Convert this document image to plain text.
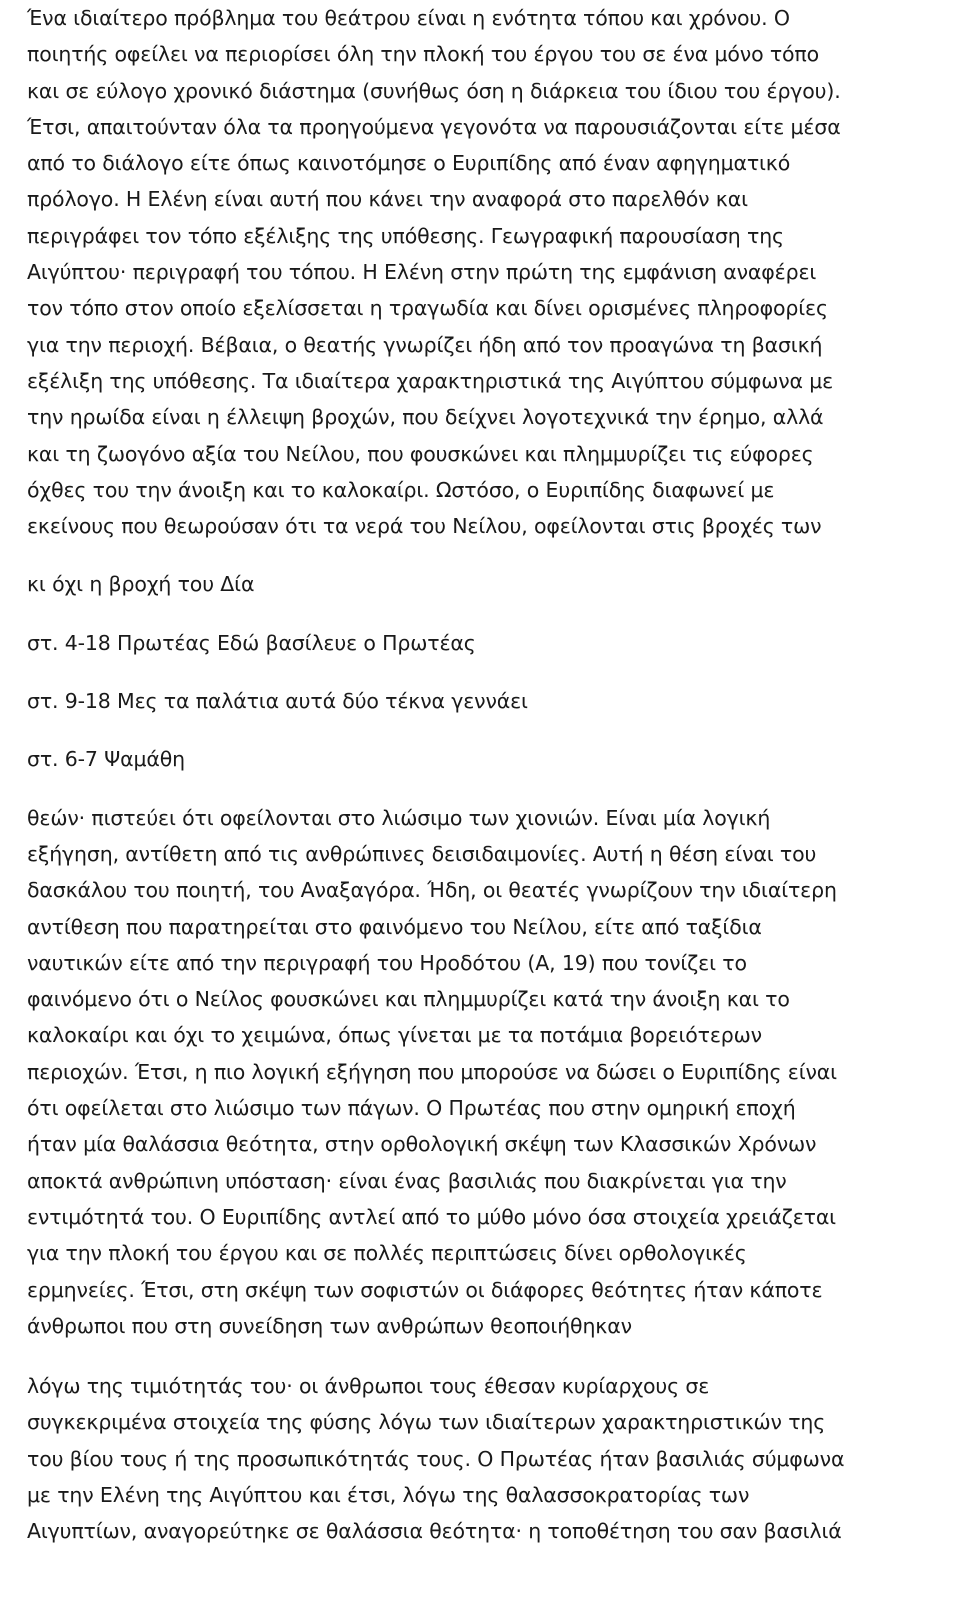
Ένα ιδιαίτερο πρόβλημα του θεάτρου είναι η ενότητα τόπου και χρόνου. Ο
ποιητής οφείλει να περιορίσει όλη την πλοκή του έργου του σε ένα μόνο τόπο
και σε εύλογο χρονικό διάστημα (συνήθως όση η διάρκεια του ίδιου του έργου).
Έτσι, απαιτούνταν όλα τα προηγούμενα γεγονότα να παρουσιάζονται είτε μέσα
από το διάλογο είτε όπως καινοτόμησε ο Ευριπίδης από έναν αφηγηματικό
πρόλογο. Η Ελένη είναι αυτή που κάνει την αναφορά στο παρελθόν και
περιγράφει τον τόπο εξέλιξης της υπόθεσης. Γεωγραφική παρουσίαση της
Αιγύπτου· περιγραφή του τόπου. Η Ελένη στην πρώτη της εμφάνιση αναφέρει
τον τόπο στον οποίο εξελίσσεται η τραγωδία και δίνει ορισμένες πληροφορίες
για την περιοχή. Βέβαια, ο θεατής γνωρίζει ήδη από τον προαγώνα τη βασική
εξέλιξη της υπόθεσης. Τα ιδιαίτερα χαρακτηριστικά της Αιγύπτου σύμφωνα με
την ηρωίδα είναι η έλλειψη βροχών, που δείχνει λογοτεχνικά την έρημο, αλλά
και τη ζωογόνο αξία του Νείλου, που φουσκώνει και πλημμυρίζει τις εύφορες
όχθες του την άνοιξη και το καλοκαίρι. Ωστόσο, ο Ευριπίδης διαφωνεί με
εκείνους που θεωρούσαν ότι τα νερά του Νείλου, οφείλονται στις βροχές των
κι όχι η βροχή του Δία
στ. 4-18 Πρωτέας Εδώ βασίλευε ο Πρωτέας
στ. 9-18 Μες τα παλάτια αυτά δύο τέκνα γεννάει
στ. 6-7 Ψαμάθη
θεών· πιστεύει ότι οφείλονται στο λιώσιμο των χιονιών. Είναι μία λογική
εξήγηση, αντίθετη από τις ανθρώπινες δεισιδαιμονίες. Αυτή η θέση είναι του
δασκάλου του ποιητή, του Αναξαγόρα. Ήδη, οι θεατές γνωρίζουν την ιδιαίτερη
αντίθεση που παρατηρείται στο φαινόμενο του Νείλου, είτε από ταξίδια
ναυτικών είτε από την περιγραφή του Ηροδότου (Α, 19) που τονίζει το
φαινόμενο ότι ο Νείλος φουσκώνει και πλημμυρίζει κατά την άνοιξη και το
καλοκαίρι και όχι το χειμώνα, όπως γίνεται με τα ποτάμια βορειότερων
περιοχών. Έτσι, η πιο λογική εξήγηση που μπορούσε να δώσει ο Ευριπίδης είναι
ότι οφείλεται στο λιώσιμο των πάγων. Ο Πρωτέας που στην ομηρική εποχή
ήταν μία θαλάσσια θεότητα, στην ορθολογική σκέψη των Κλασσικών Χρόνων
αποκτά ανθρώπινη υπόσταση· είναι ένας βασιλιάς που διακρίνεται για την
εντιμότητά του. Ο Ευριπίδης αντλεί από το μύθο μόνο όσα στοιχεία χρειάζεται
για την πλοκή του έργου και σε πολλές περιπτώσεις δίνει ορθολογικές
ερμηνείες. Έτσι, στη σκέψη των σοφιστών οι διάφορες θεότητες ήταν κάποτε
άνθρωποι που στη συνείδηση των ανθρώπων θεοποιήθηκαν
λόγω της τιμιότητάς του· οι άνθρωποι τους έθεσαν κυρίαρχους σε
συγκεκριμένα στοιχεία της φύσης λόγω των ιδιαίτερων χαρακτηριστικών της
του βίου τους ή της προσωπικότητάς τους. Ο Πρωτέας ήταν βασιλιάς σύμφωνα
με την Ελένη της Αιγύπτου και έτσι, λόγω της θαλασσοκρατορίας των
Αιγυπτίων, αναγορεύτηκε σε θαλάσσια θεότητα· η τοποθέτηση του σαν βασιλιά
